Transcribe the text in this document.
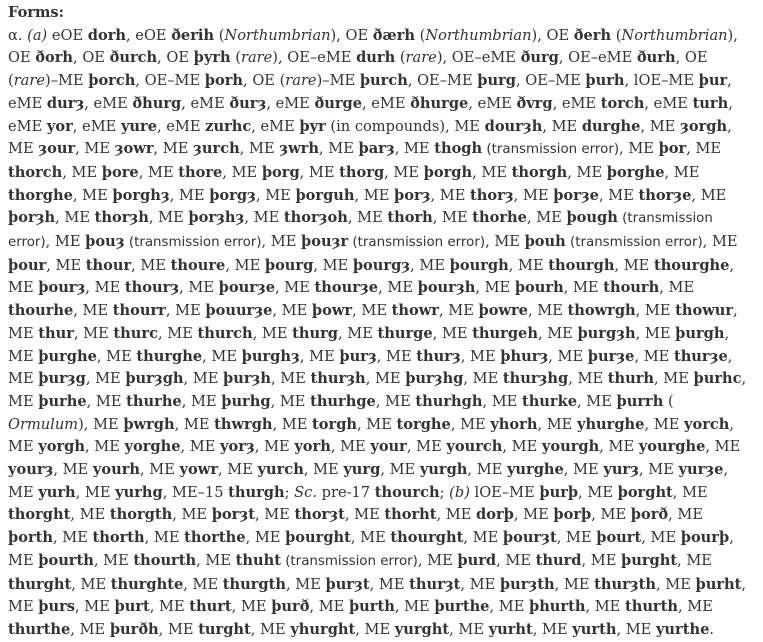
Forms:

α. (a) eOE dorh, eOE ðerih (Northumbrian), OE ðærh (Northumbrian), OE ðerh (Northumbrian), OE ðorh, OE ðurch, OE þyrh (rare), OE–eME durh (rare), OE–eME ðurg, OE–eME ðurh, OE (rare)–ME þorch, OE–ME þorh, OE (rare)–ME þurch, OE–ME þurg, OE–ME þurh, lOE–ME þur, eME durȝ, eME ðhurg, eME ðurȝ, eME ðurge, eME ðhurge, eME ðvrg, eME torch, eME turh, eME yor, eME yure, eME zurhc, eME þyr (in compounds), ME dourȝh, ME durghe, ME ȝorgh, ME ȝour, ME ȝowr, ME ȝurch, ME ȝwrh, ME þarȝ, ME thogh (transmission error), ME þor, ME thorch, ME þore, ME thore, ME þorg, ME thorg, ME þorgh, ME thorgh, ME þorghe, ME thorghe, ME þorghȝ, ME þorgȝ, ME þorguh, ME þorȝ, ME thorȝ, ME þorȝe, ME thorȝe, ME þorȝh, ME thorȝh, ME þorȝhȝ, ME thorȝoh, ME thorh, ME thorhe, ME þough (transmission error), ME þouȝ (transmission error), ME þouȝr (transmission error), ME þouh (transmission error), ME þour, ME thour, ME thoure, ME þourg, ME þourgȝ, ME þourgh, ME thourgh, ME thourghe, ME þourȝ, ME thourȝ, ME þourȝe, ME thourȝe, ME þourȝh, ME þourh, ME thourh, ME thourhe, ME thourr, ME þouurȝe, ME þowr, ME thowr, ME þowre, ME thowrgh, ME thowur, ME thur, ME thurc, ME thurch, ME thurg, ME thurge, ME thurgeh, ME þurgȝh, ME þurgh, ME þurghe, ME thurghe, ME þurghȝ, ME þurȝ, ME thurȝ, ME þhurȝ, ME þurȝe, ME thurȝe, ME þurȝg, ME þurȝgh, ME þurȝh, ME thurȝh, ME þurȝhg, ME thurȝhg, ME thurh, ME þurhc, ME þurhe, ME thurhe, ME þurhg, ME thurhge, ME thurhgh, ME thurke, ME þurrh ( Ormulum), ME þwrgh, ME thwrgh, ME torgh, ME torghe, ME yhorh, ME yhurghe, ME yorch, ME yorgh, ME yorghe, ME yorȝ, ME yorh, ME your, ME yourch, ME yourgh, ME yourghe, ME yourȝ, ME yourh, ME yowr, ME yurch, ME yurg, ME yurgh, ME yurghe, ME yurȝ, ME yurȝe, ME yurh, ME yurhg, ME–15 thurgh; Sc. pre-17 thourch; (b) lOE–ME þurþ, ME þorght, ME thorght, ME thorgth, ME þorȝt, ME thorȝt, ME thorht, ME dorþ, ME þorþ, ME þorð, ME þorth, ME thorth, ME thorthe, ME þourght, ME thourght, ME þourȝt, ME þourt, ME þourþ, ME þourth, ME thourth, ME thuht (transmission error), ME þurd, ME thurd, ME þurght, ME thurght, ME thurghte, ME thurgth, ME þurȝt, ME thurȝt, ME þurȝth, ME thurȝth, ME þurht, ME þurs, ME þurt, ME thurt, ME þurð, ME þurth, ME þurthe, ME þhurth, ME thurth, ME thurthe, ME þurðh, ME turght, ME yhurght, ME yurght, ME yurht, ME yurth, ME yurthe.
